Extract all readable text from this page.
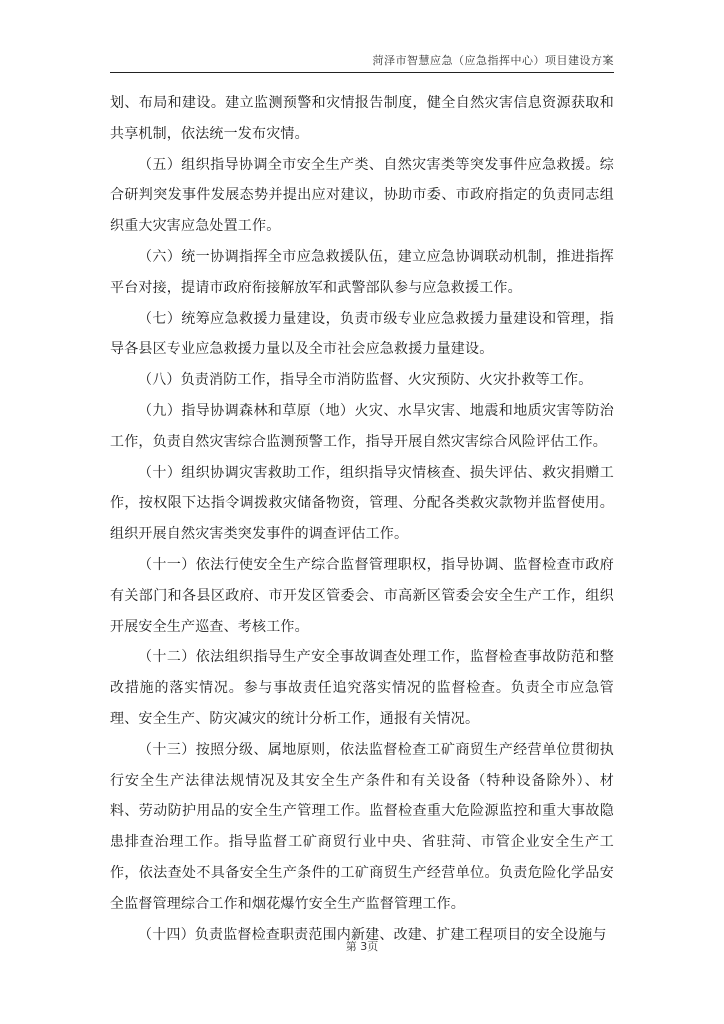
菏泽市智慧应急（应急指挥中心）项目建设方案

划、布局和建设。建立监测预警和灾情报告制度，健全自然灾害信息资源获取和共享机制，依法统一发布灾情。

（五）组织指导协调全市安全生产类、自然灾害类等突发事件应急救援。综合研判突发事件发展态势并提出应对建议，协助市委、市政府指定的负责同志组织重大灾害应急处置工作。

（六）统一协调指挥全市应急救援队伍，建立应急协调联动机制，推进指挥平台对接，提请市政府衔接解放军和武警部队参与应急救援工作。

（七）统筹应急救援力量建设，负责市级专业应急救援力量建设和管理，指导各县区专业应急救援力量以及全市社会应急救援力量建设。

（八）负责消防工作，指导全市消防监督、火灾预防、火灾扑救等工作。

（九）指导协调森林和草原（地）火灾、水旱灾害、地震和地质灾害等防治工作，负责自然灾害综合监测预警工作，指导开展自然灾害综合风险评估工作。

（十）组织协调灾害救助工作，组织指导灾情核查、损失评估、救灾捐赠工作，按权限下达指令调拨救灾储备物资，管理、分配各类救灾款物并监督使用。组织开展自然灾害类突发事件的调查评估工作。

（十一）依法行使安全生产综合监督管理职权，指导协调、监督检查市政府有关部门和各县区政府、市开发区管委会、市高新区管委会安全生产工作，组织开展安全生产巡查、考核工作。

（十二）依法组织指导生产安全事故调查处理工作，监督检查事故防范和整改措施的落实情况。参与事故责任追究落实情况的监督检查。负责全市应急管理、安全生产、防灾减灾的统计分析工作，通报有关情况。

（十三）按照分级、属地原则，依法监督检查工矿商贸生产经营单位贯彻执行安全生产法律法规情况及其安全生产条件和有关设备（特种设备除外）、材料、劳动防护用品的安全生产管理工作。监督检查重大危险源监控和重大事故隐患排查治理工作。指导监督工矿商贸行业中央、省驻菏、市管企业安全生产工作，依法查处不具备安全生产条件的工矿商贸生产经营单位。负责危险化学品安全监督管理综合工作和烟花爆竹安全生产监督管理工作。

（十四）负责监督检查职责范围内新建、改建、扩建工程项目的安全设施与

第 3页
